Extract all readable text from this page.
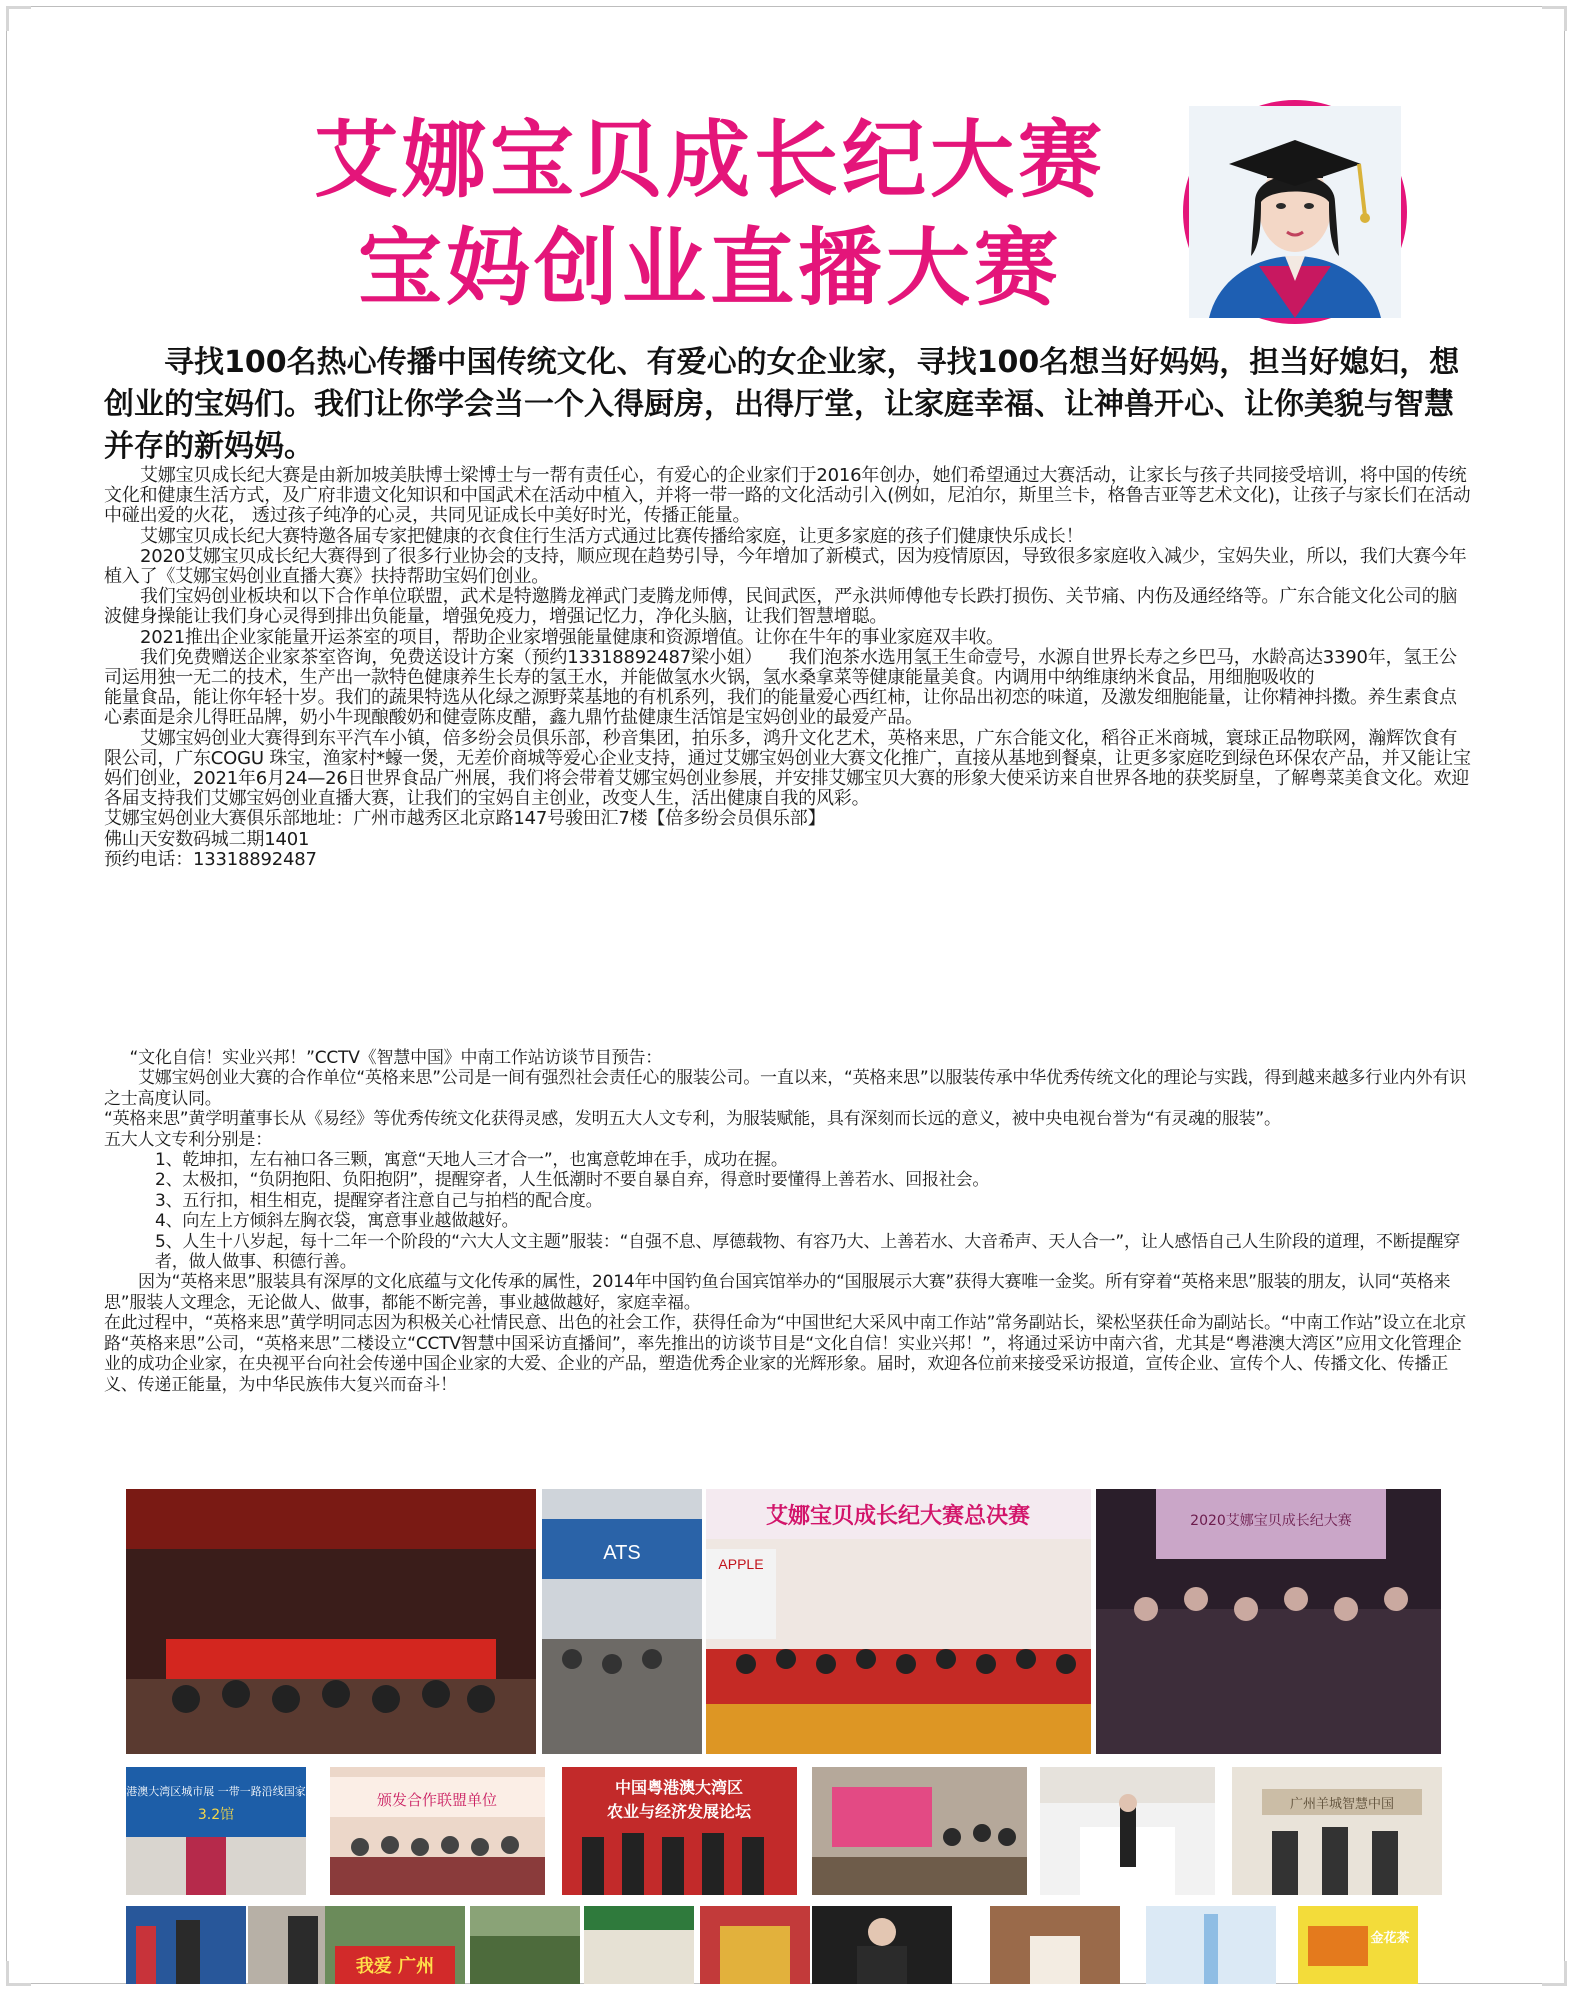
艾娜宝贝成长纪大赛
宝妈创业直播大赛

寻找100名热心传播中国传统文化、有爱心的女企业家，寻找100名想当好妈妈，担当好媳妇，想创业的宝妈们。我们让你学会当一个入得厨房，出得厅堂，让家庭幸福、让神兽开心、让你美貌与智慧并存的新妈妈。

艾娜宝贝成长纪大赛是由新加坡美肤博士梁博士与一帮有责任心，有爱心的企业家们于2016年创办，她们希望通过大赛活动，让家长与孩子共同接受培训，将中国的传统文化和健康生活方式，及广府非遗文化知识和中国武术在活动中植入，并将一带一路的文化活动引入(例如，尼泊尔，斯里兰卡，格鲁吉亚等艺术文化)，让孩子与家长们在活动中碰出爱的火花， 透过孩子纯净的心灵，共同见证成长中美好时光，传播正能量。

艾娜宝贝成长纪大赛特邀各届专家把健康的衣食住行生活方式通过比赛传播给家庭，让更多家庭的孩子们健康快乐成长！

2020艾娜宝贝成长纪大赛得到了很多行业协会的支持，顺应现在趋势引导，今年增加了新模式，因为疫情原因，导致很多家庭收入减少，宝妈失业，所以，我们大赛今年植入了《艾娜宝妈创业直播大赛》扶持帮助宝妈们创业。

我们宝妈创业板块和以下合作单位联盟，武术是特邀腾龙禅武门麦腾龙师傅，民间武医，严永洪师傅他专长跌打损伤、关节痛、内伤及通经络等。广东合能文化公司的脑波健身操能让我们身心灵得到排出负能量，增强免疫力，增强记忆力，净化头脑，让我们智慧增聪。

2021推出企业家能量开运茶室的项目，帮助企业家增强能量健康和资源增值。让你在牛年的事业家庭双丰收。

我们免费赠送企业家茶室咨询，免费送设计方案（预约13318892487梁小姐）　　我们泡茶水选用氢王生命壹号，水源自世界长寿之乡巴马，水龄高达3390年，氢王公司运用独一无二的技术，生产出一款特色健康养生长寿的氢王水，并能做氢水火锅，氢水桑拿菜等健康能量美食。内调用中纳维康纳米食品，用细胞吸收的

能量食品，能让你年轻十岁。我们的蔬果特选从化绿之源野菜基地的有机系列，我们的能量爱心西红柿，让你品出初恋的味道，及激发细胞能量，让你精神抖擞。养生素食点心素面是余儿得旺品牌，奶小牛现酿酸奶和健壹陈皮醋，鑫九鼎竹盐健康生活馆是宝妈创业的最爱产品。

艾娜宝妈创业大赛得到东平汽车小镇，倍多纷会员俱乐部，秒音集团，拍乐多，鸿升文化艺术，英格来思，广东合能文化，稻谷正米商城，寰球正品物联网，瀚辉饮食有限公司，广东COGU 珠宝，渔家村*蠔一煲，无差价商城等爱心企业支持，通过艾娜宝妈创业大赛文化推广，直接从基地到餐桌，让更多家庭吃到绿色环保农产品，并又能让宝妈们创业，2021年6月24—26日世界食品广州展，我们将会带着艾娜宝妈创业参展，并安排艾娜宝贝大赛的形象大使采访来自世界各地的获奖厨皇，了解粤菜美食文化。欢迎各届支持我们艾娜宝妈创业直播大赛，让我们的宝妈自主创业，改变人生，活出健康自我的风彩。

艾娜宝妈创业大赛俱乐部地址：广州市越秀区北京路147号骏田汇7楼【倍多纷会员俱乐部】

佛山天安数码城二期1401

预约电话：13318892487

“文化自信！实业兴邦！”CCTV《智慧中国》中南工作站访谈节目预告：

艾娜宝妈创业大赛的合作单位“英格来思”公司是一间有强烈社会责任心的服装公司。一直以来，“英格来思”以服装传承中华优秀传统文化的理论与实践，得到越来越多行业内外有识之士高度认同。

“英格来思”黄学明董事长从《易经》等优秀传统文化获得灵感，发明五大人文专利，为服装赋能，具有深刻而长远的意义，被中央电视台誉为“有灵魂的服装”。

五大人文专利分别是：

1、乾坤扣，左右袖口各三颗，寓意“天地人三才合一”，也寓意乾坤在手，成功在握。

2、太极扣，“负阴抱阳、负阳抱阴”，提醒穿者，人生低潮时不要自暴自弃，得意时要懂得上善若水、回报社会。

3、五行扣，相生相克，提醒穿者注意自己与拍档的配合度。

4、向左上方倾斜左胸衣袋，寓意事业越做越好。

5、人生十八岁起，每十二年一个阶段的“六大人文主题”服装：“自强不息、厚德载物、有容乃大、上善若水、大音希声、天人合一”，让人感悟自己人生阶段的道理，不断提醒穿者，做人做事、积德行善。

因为“英格来思”服装具有深厚的文化底蕴与文化传承的属性，2014年中国钓鱼台国宾馆举办的“国服展示大赛”获得大赛唯一金奖。所有穿着“英格来思”服装的朋友，认同“英格来思”服装人文理念，无论做人、做事，都能不断完善，事业越做越好，家庭幸福。

在此过程中，“英格来思”黄学明同志因为积极关心社情民意、出色的社会工作，获得任命为“中国世纪大采风中南工作站”常务副站长，梁松坚获任命为副站长。“中南工作站”设立在北京路“英格来思”公司，“英格来思”二楼设立“CCTV智慧中国采访直播间”，率先推出的访谈节目是“文化自信！实业兴邦！”，将通过采访中南六省，尤其是“粤港澳大湾区”应用文化管理企业的成功企业家，在央视平台向社会传递中国企业家的大爱、企业的产品，塑造优秀企业家的光辉形象。届时，欢迎各位前来接受采访报道，宣传企业、宣传个人、传播文化、传播正义、传递正能量，为中华民族伟大复兴而奋斗！

ATS
艾娜宝贝成长纪大赛总决赛
APPLE
2020艾娜宝贝成长纪大赛
粤港澳大湾区城市展 一带一路沿线国家展
3.2馆
颁发合作联盟单位
中国粤港澳大湾区
农业与经济发展论坛	广州羊城智慧中国
我爱 广州
金花茶
